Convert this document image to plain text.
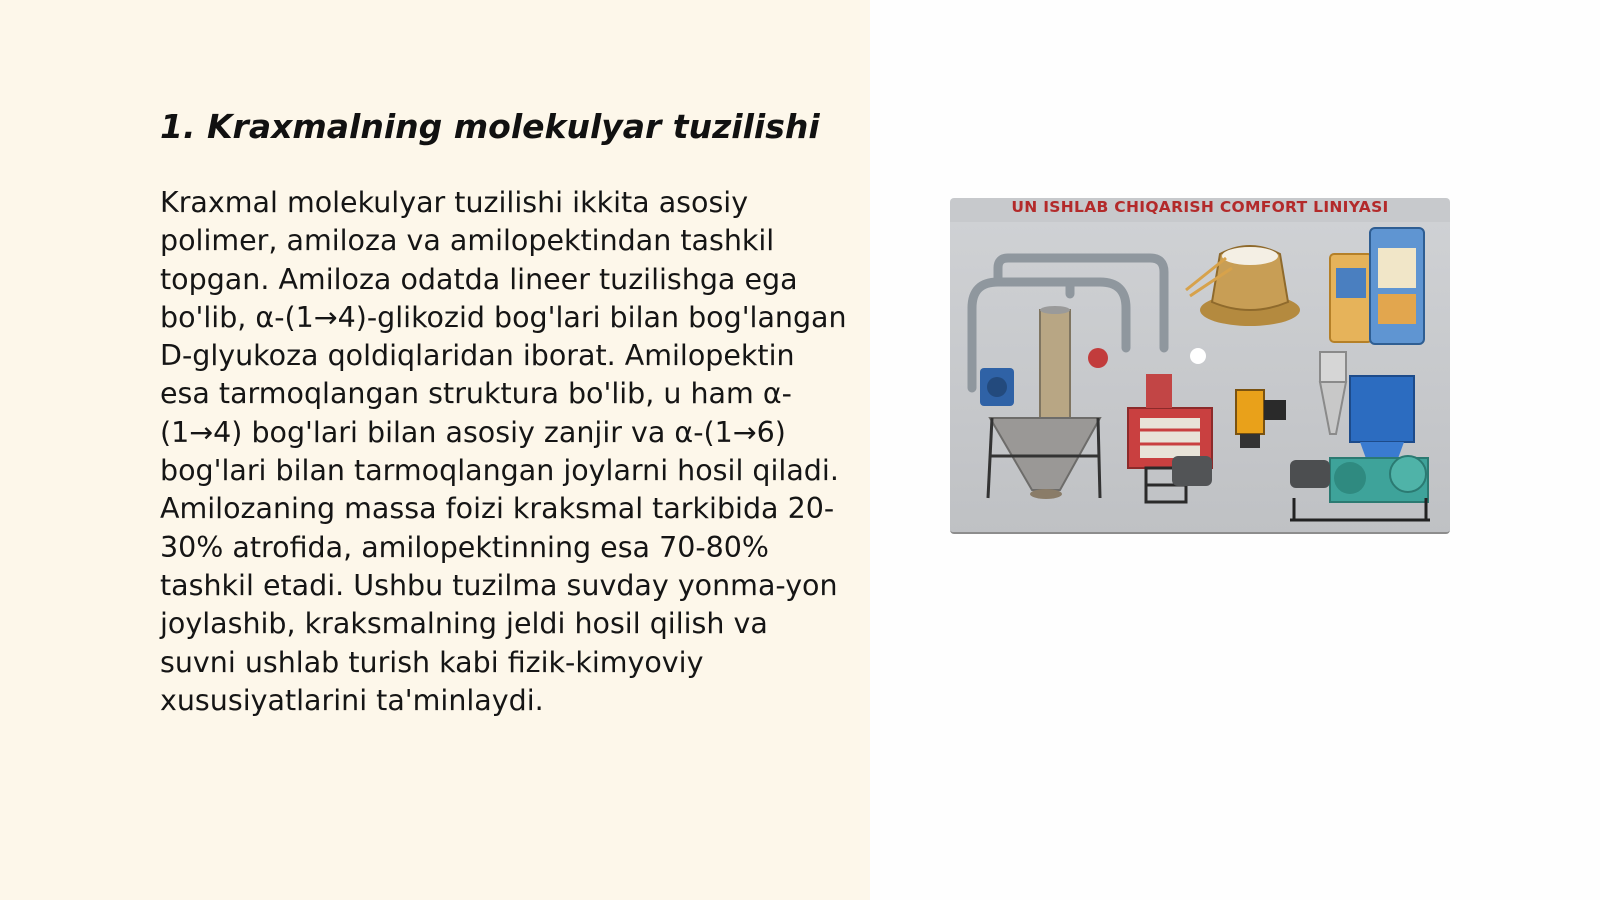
1. Kraxmalning molekulyar tuzilishi
Kraxmal molekulyar tuzilishi ikkita asosiy polimer, amiloza va amilopektindan tashkil topgan. Amiloza odatda lineer tuzilishga ega bo'lib, α-(1→4)-glikozid bog'lari bilan bog'langan D-glyukoza qoldiqlaridan iborat. Amilopektin esa tarmoqlangan struktura bo'lib, u ham α-(1→4) bog'lari bilan asosiy zanjir va α-(1→6) bog'lari bilan tarmoqlangan joylarni hosil qiladi. Amilozaning massa foizi kraksmal tarkibida 20-30% atrofida, amilopektinning esa 70-80% tashkil etadi. Ushbu tuzilma suvday yonma-yon joylashib, kraksmalning jeldi hosil qilish va suvni ushlab turish kabi fizik-kimyoviy xususiyatlarini ta'minlaydi.
UN ISHLAB CHIQARISH COMFORT LINIYASI
